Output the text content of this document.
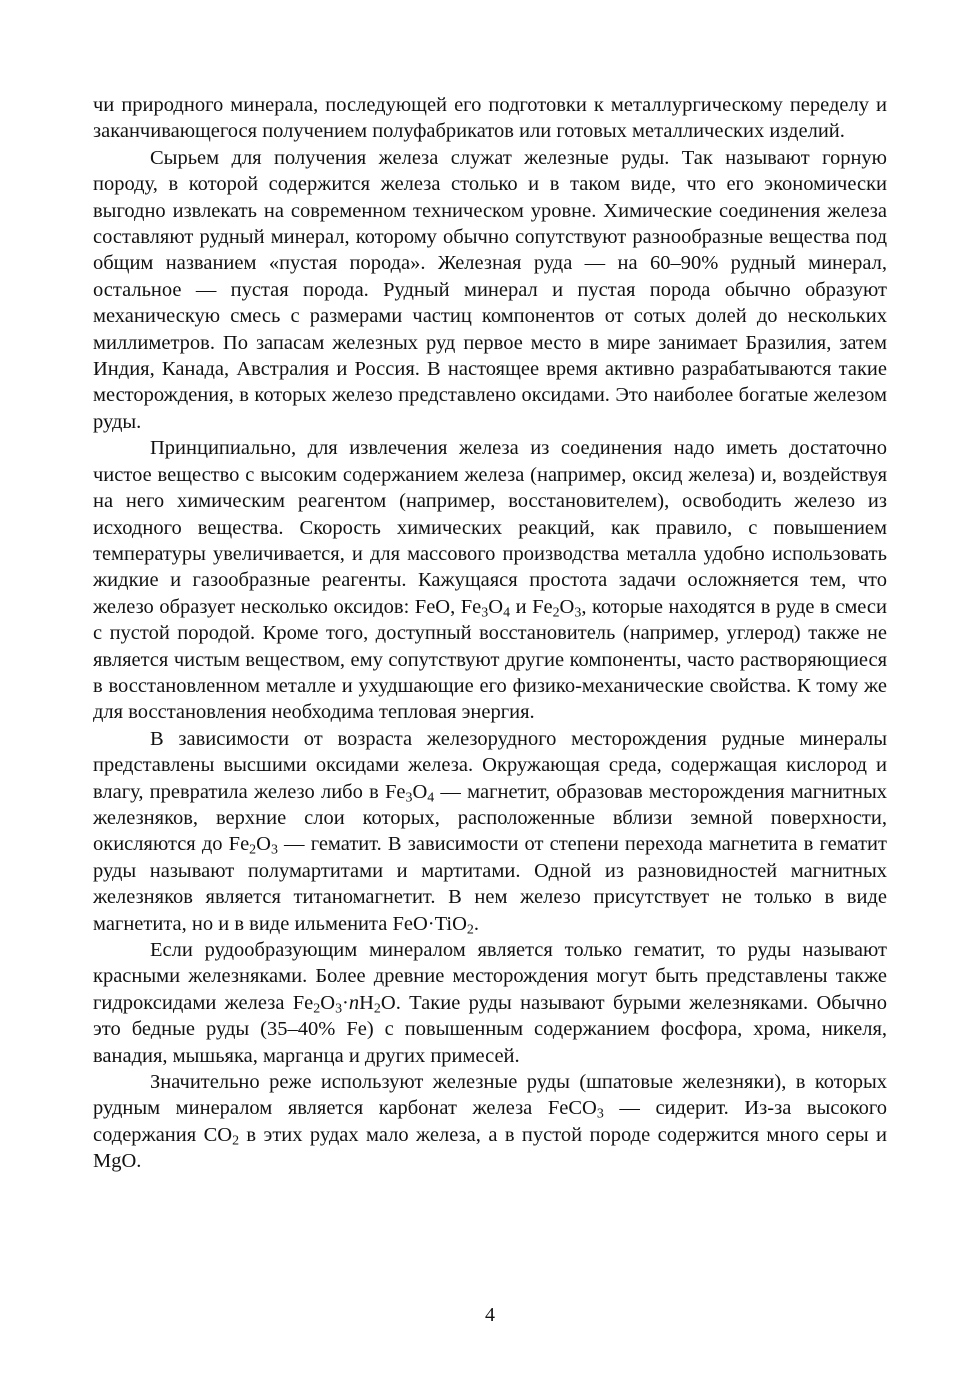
чи природного минерала, последующей его подготовки к металлургическому переделу и заканчивающегося получением полуфабрикатов или готовых металлических изделий.

Сырьем для получения железа служат железные руды. Так называют горную породу, в которой содержится железа столько и в таком виде, что его экономически выгодно извлекать на современном техническом уровне. Химические соединения железа составляют рудный минерал, которому обычно сопутствуют разнообразные вещества под общим названием «пустая порода». Железная руда — на 60–90% рудный минерал, остальное — пустая порода. Рудный минерал и пустая порода обычно образуют механическую смесь с размерами частиц компонентов от сотых долей до нескольких миллиметров. По запасам железных руд первое место в мире занимает Бразилия, затем Индия, Канада, Австралия и Россия. В настоящее время активно разрабатываются такие месторождения, в которых железо представлено оксидами. Это наиболее богатые железом руды.

Принципиально, для извлечения железа из соединения надо иметь достаточно чистое вещество с высоким содержанием железа (например, оксид железа) и, воздействуя на него химическим реагентом (например, восстановителем), освободить железо из исходного вещества. Скорость химических реакций, как правило, с повышением температуры увеличивается, и для массового производства металла удобно использовать жидкие и газообразные реагенты. Кажущаяся простота задачи осложняется тем, что железо образует несколько оксидов: FeO, $Fe_3O_4$ и $Fe_2O_3$, которые находятся в руде в смеси с пустой породой. Кроме того, доступный восстановитель (например, углерод) также не является чистым веществом, ему сопутствуют другие компоненты, часто растворяющиеся в восстановленном металле и ухудшающие его физико-механические свойства. К тому же для восстановления необходима тепловая энергия.

В зависимости от возраста железорудного месторождения рудные минералы представлены высшими оксидами железа. Окружающая среда, содержащая кислород и влагу, превратила железо либо в $Fe_3O_4$ — магнетит, образовав месторождения магнитных железняков, верхние слои которых, расположенные вблизи земной поверхности, окисляются до $Fe_2O_3$ — гематит. В зависимости от степени перехода магнетита в гематит руды называют полумартитами и мартитами. Одной из разновидностей магнитных железняков является титаномагнетит. В нем железо присутствует не только в виде магнетита, но и в виде ильменита FeO·TiO$_2$.

Если рудообразующим минералом является только гематит, то руды называют красными железняками. Более древние месторождения могут быть представлены также гидроксидами железа $Fe_2O_3\cdot nH_2O$. Такие руды называют бурыми железняками. Обычно это бедные руды (35–40% Fe) с повышенным содержанием фосфора, хрома, никеля, ванадия, мышьяка, марганца и других примесей.

Значительно реже используют железные руды (шпатовые железняки), в которых рудным минералом является карбонат железа FeCO$_3$ — сидерит. Из-за высокого содержания $CO_2$ в этих рудах мало железа, а в пустой породе содержится много серы и MgO.

4
